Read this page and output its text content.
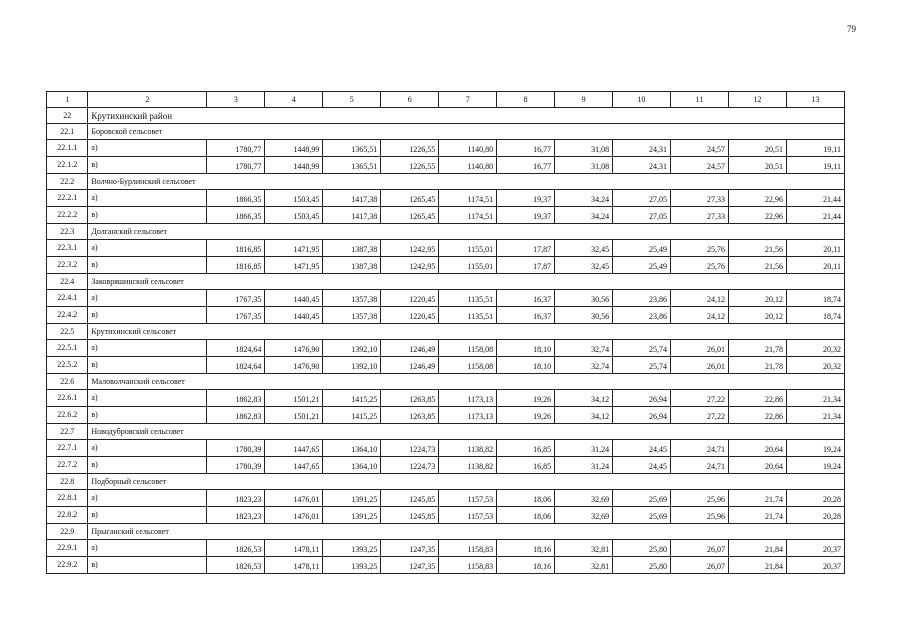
79
1	2	3	4	5	6	7	8	9	10	11	12	13
22	Крутихинский район											
22.1	Боровской сельсовет											
22.1.1	а)	1780,77	1448,99	1365,51	1226,55	1140,80	16,77	31,08	24,31	24,57	20,51	19,11
22.1.2	в)	1780,77	1448,99	1365,51	1226,55	1140,80	16,77	31,08	24,31	24,57	20,51	19,11
22.2	Волчно-Бурлинский сельсовет											
22.2.1	а)	1866,35	1503,45	1417,38	1265,45	1174,51	19,37	34,24	27,05	27,33	22,96	21,44
22.2.2	в)	1866,35	1503,45	1417,38	1265,45	1174,51	19,37	34,24	27,05	27,33	22,96	21,44
22.3	Долганский сельсовет											
22.3.1	а)	1816,85	1471,95	1387,38	1242,95	1155,01	17,87	32,45	25,49	25,76	21,56	20,11
22.3.2	в)	1816,85	1471,95	1387,38	1242,95	1155,01	17,87	32,45	25,49	25,76	21,56	20,11
22.4	Заковряшинский сельсовет											
22.4.1	а)	1767,35	1440,45	1357,38	1220,45	1135,51	16,37	30,56	23,86	24,12	20,12	18,74
22.4.2	в)	1767,35	1440,45	1357,38	1220,45	1135,51	16,37	30,56	23,86	24,12	20,12	18,74
22.5	Крутихинский сельсовет											
22.5.1	а)	1824,64	1476,90	1392,10	1246,49	1158,08	18,10	32,74	25,74	26,01	21,78	20,32
22.5.2	в)	1824,64	1476,90	1392,10	1246,49	1158,08	18,10	32,74	25,74	26,01	21,78	20,32
22.6	Маловолчанский сельсовет											
22.6.1	а)	1862,83	1501,21	1415,25	1263,85	1173,13	19,26	34,12	26,94	27,22	22,86	21,34
22.6.2	в)	1862,83	1501,21	1415,25	1263,85	1173,13	19,26	34,12	26,94	27,22	22,86	21,34
22.7	Новодубровский сельсовет											
22.7.1	а)	1780,39	1447,65	1364,10	1224,73	1138,82	16,85	31,24	24,45	24,71	20,64	19,24
22.7.2	в)	1780,39	1447,65	1364,10	1224,73	1138,82	16,85	31,24	24,45	24,71	20,64	19,24
22.8	Подборный сельсовет											
22.8.1	а)	1823,23	1476,01	1391,25	1245,85	1157,53	18,06	32,69	25,69	25,96	21,74	20,28
22.8.2	в)	1823,23	1476,01	1391,25	1245,85	1157,53	18,06	32,69	25,69	25,96	21,74	20,28
22.9	Прыганский сельсовет											
22.9.1	а)	1826,53	1478,11	1393,25	1247,35	1158,83	18,16	32,81	25,80	26,07	21,84	20,37
22.9.2	в)	1826,53	1478,11	1393,25	1247,35	1158,83	18,16	32,81	25,80	26,07	21,84	20,37
